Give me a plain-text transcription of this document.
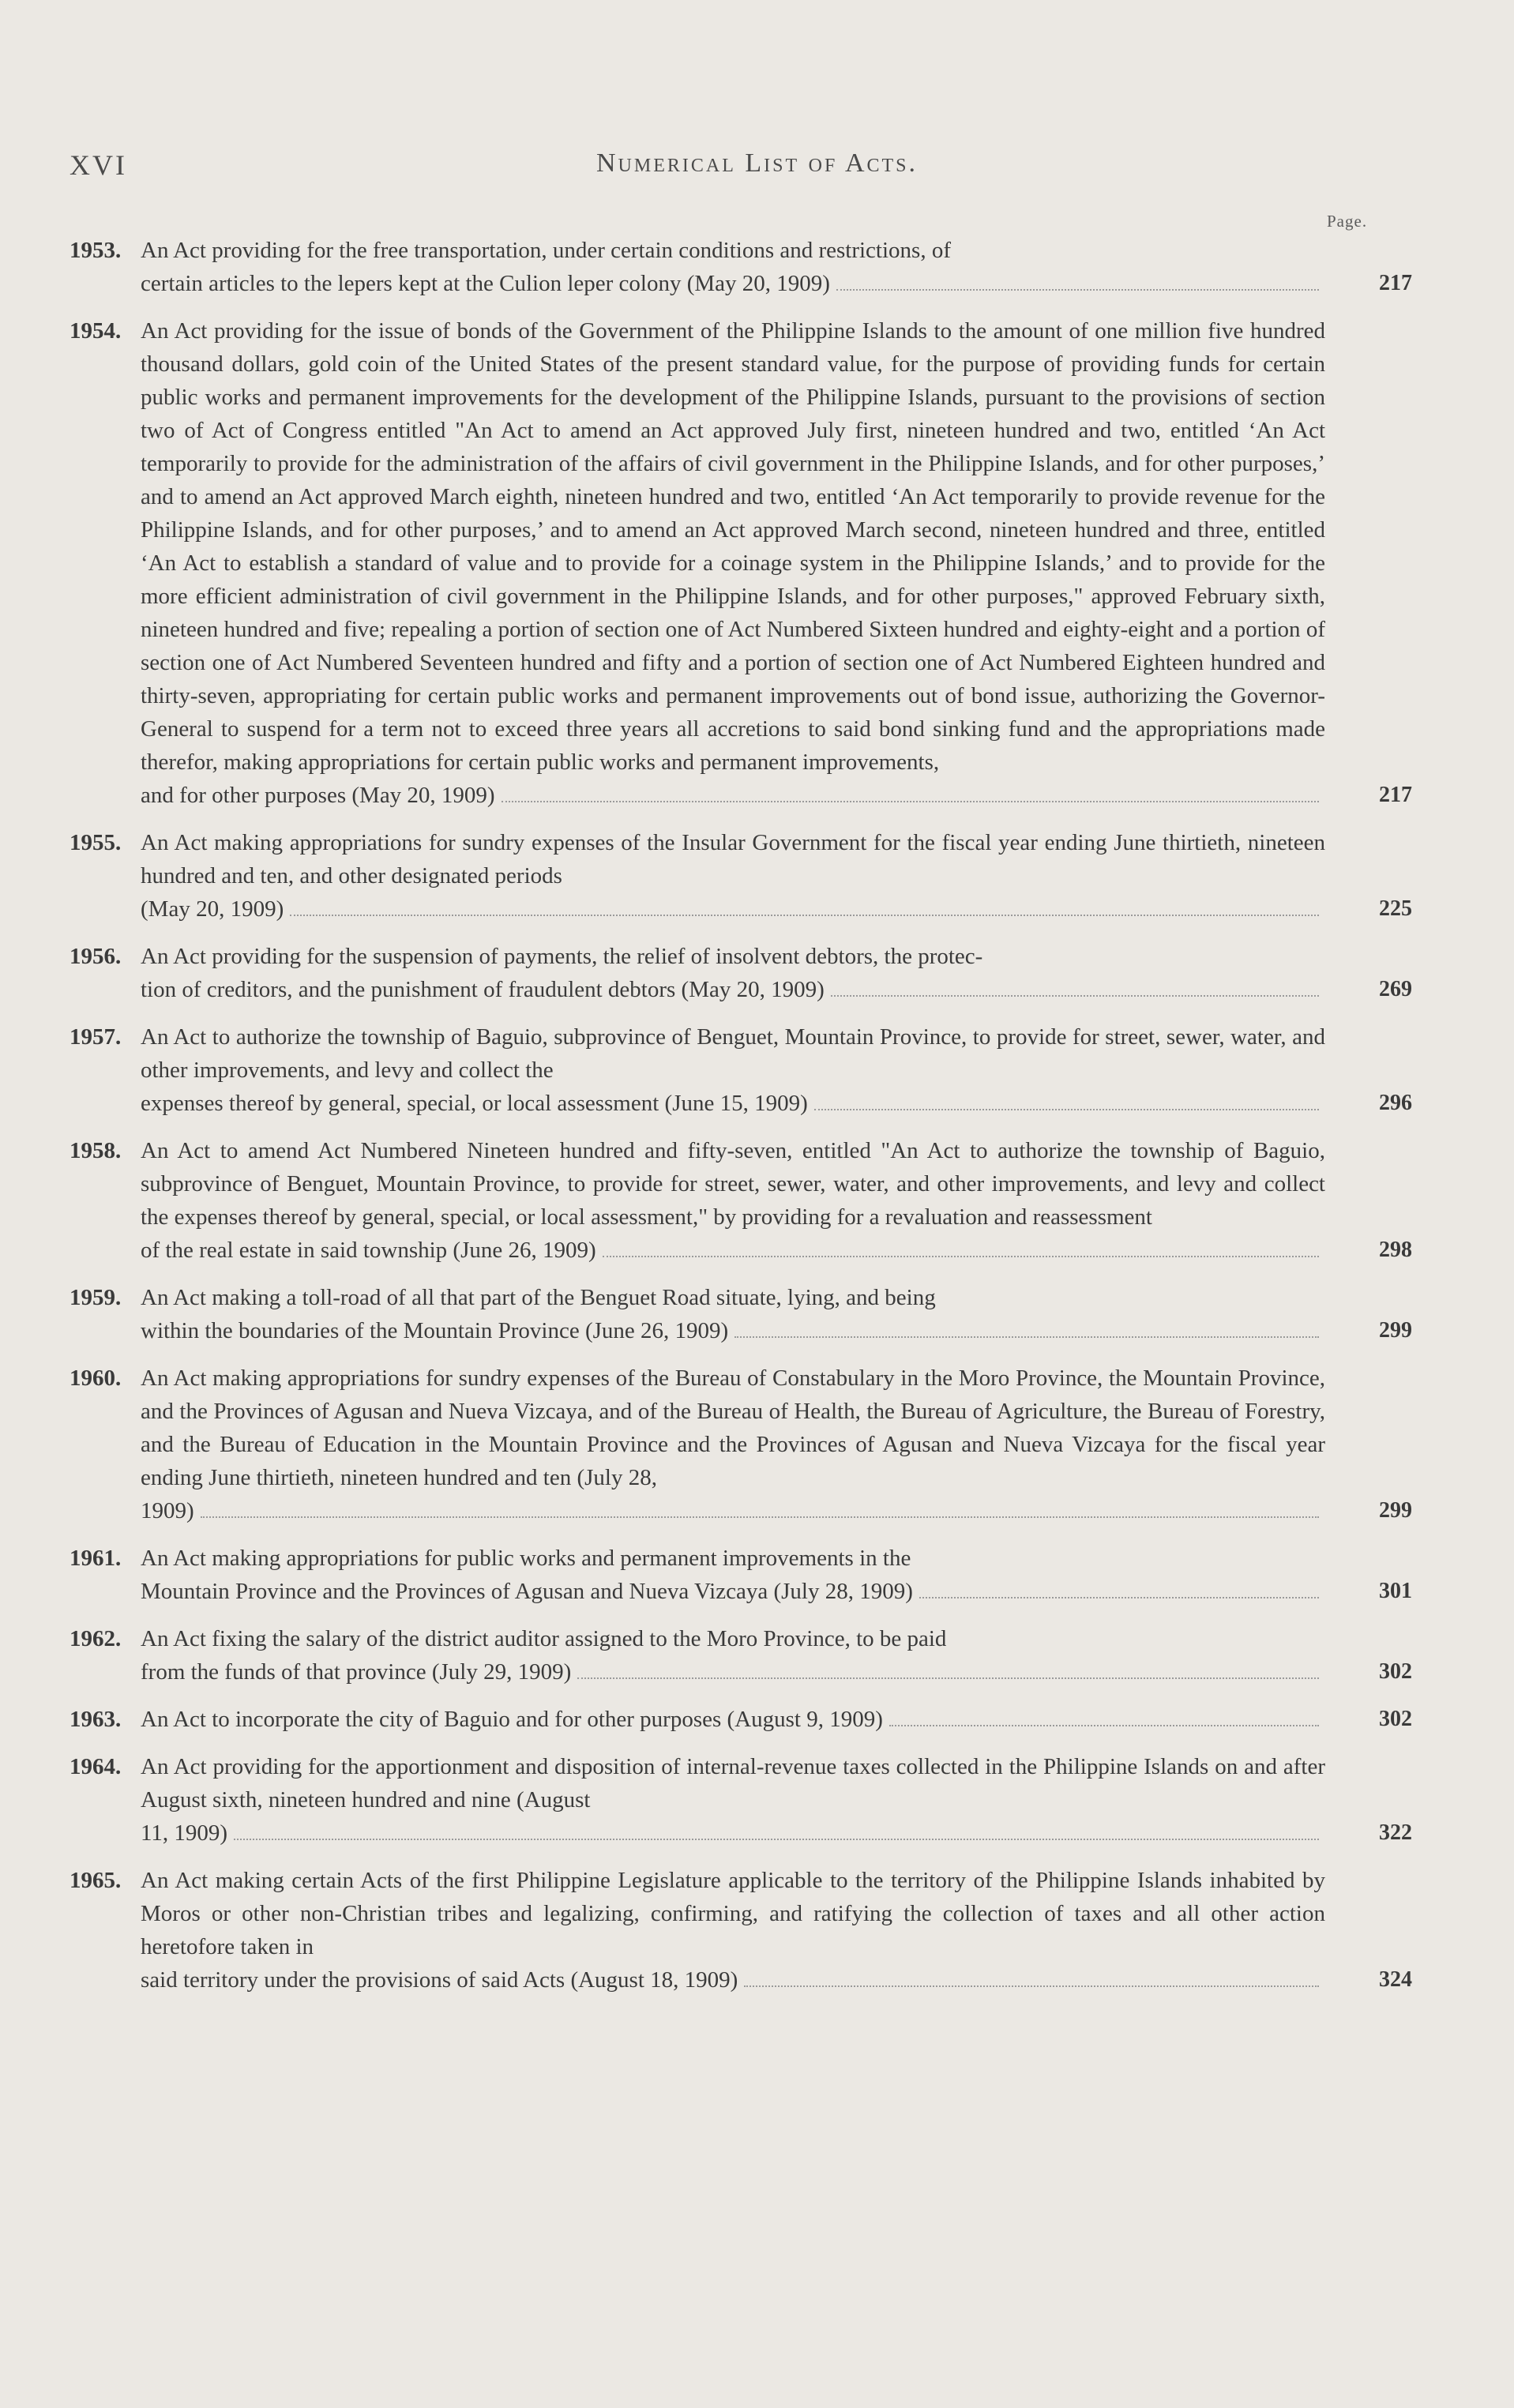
XVI	Numerical List of Acts.
Page.
1953. An Act providing for the free transportation, under certain conditions and restrictions, of
certain articles to the lepers kept at the Culion leper colony (May 20, 1909)	217
1954. An Act providing for the issue of bonds of the Government of the Philippine Islands to the amount of one million five hundred thousand dollars, gold coin of the United States of the present standard value, for the purpose of providing funds for certain public works and permanent improvements for the development of the Philippine Islands, pursuant to the provisions of section two of Act of Congress entitled "An Act to amend an Act approved July first, nineteen hundred and two, entitled ‘An Act temporarily to provide for the administration of the affairs of civil government in the Philippine Islands, and for other purposes,’ and to amend an Act approved March eighth, nineteen hundred and two, entitled ‘An Act temporarily to provide revenue for the Philippine Islands, and for other purposes,’ and to amend an Act approved March second, nineteen hundred and three, entitled ‘An Act to establish a standard of value and to provide for a coinage system in the Philippine Islands,’ and to provide for the more efficient administration of civil government in the Philippine Islands, and for other purposes," approved February sixth, nineteen hundred and five; repealing a portion of section one of Act Numbered Sixteen hundred and eighty-eight and a portion of section one of Act Numbered Seventeen hundred and fifty and a portion of section one of Act Numbered Eighteen hundred and thirty-seven, appropriating for certain public works and permanent improvements out of bond issue, authorizing the Governor-General to suspend for a term not to exceed three years all accretions to said bond sinking fund and the appropriations made therefor, making appropriations for certain public works and permanent improvements,
and for other purposes (May 20, 1909)	217
1955. An Act making appropriations for sundry expenses of the Insular Government for the fiscal year ending June thirtieth, nineteen hundred and ten, and other designated periods
(May 20, 1909)	225
1956. An Act providing for the suspension of payments, the relief of insolvent debtors, the protec-
tion of creditors, and the punishment of fraudulent debtors (May 20, 1909)	269
1957. An Act to authorize the township of Baguio, subprovince of Benguet, Mountain Province, to provide for street, sewer, water, and other improvements, and levy and collect the
expenses thereof by general, special, or local assessment (June 15, 1909)	296
1958. An Act to amend Act Numbered Nineteen hundred and fifty-seven, entitled "An Act to authorize the township of Baguio, subprovince of Benguet, Mountain Province, to provide for street, sewer, water, and other improvements, and levy and collect the expenses thereof by general, special, or local assessment," by providing for a revaluation and reassessment
of the real estate in said township (June 26, 1909)	298
1959. An Act making a toll-road of all that part of the Benguet Road situate, lying, and being
within the boundaries of the Mountain Province (June 26, 1909)	299
1960. An Act making appropriations for sundry expenses of the Bureau of Constabulary in the Moro Province, the Mountain Province, and the Provinces of Agusan and Nueva Vizcaya, and of the Bureau of Health, the Bureau of Agriculture, the Bureau of Forestry, and the Bureau of Education in the Mountain Province and the Provinces of Agusan and Nueva Vizcaya for the fiscal year ending June thirtieth, nineteen hundred and ten (July 28,
1909)	299
1961. An Act making appropriations for public works and permanent improvements in the
Mountain Province and the Provinces of Agusan and Nueva Vizcaya (July 28, 1909)	301
1962. An Act fixing the salary of the district auditor assigned to the Moro Province, to be paid
from the funds of that province (July 29, 1909)	302
1963. An Act to incorporate the city of Baguio and for other purposes (August 9, 1909)	302
1964. An Act providing for the apportionment and disposition of internal-revenue taxes collected in the Philippine Islands on and after August sixth, nineteen hundred and nine (August
11, 1909)	322
1965. An Act making certain Acts of the first Philippine Legislature applicable to the territory of the Philippine Islands inhabited by Moros or other non-Christian tribes and legalizing, confirming, and ratifying the collection of taxes and all other action heretofore taken in
said territory under the provisions of said Acts (August 18, 1909)	324
